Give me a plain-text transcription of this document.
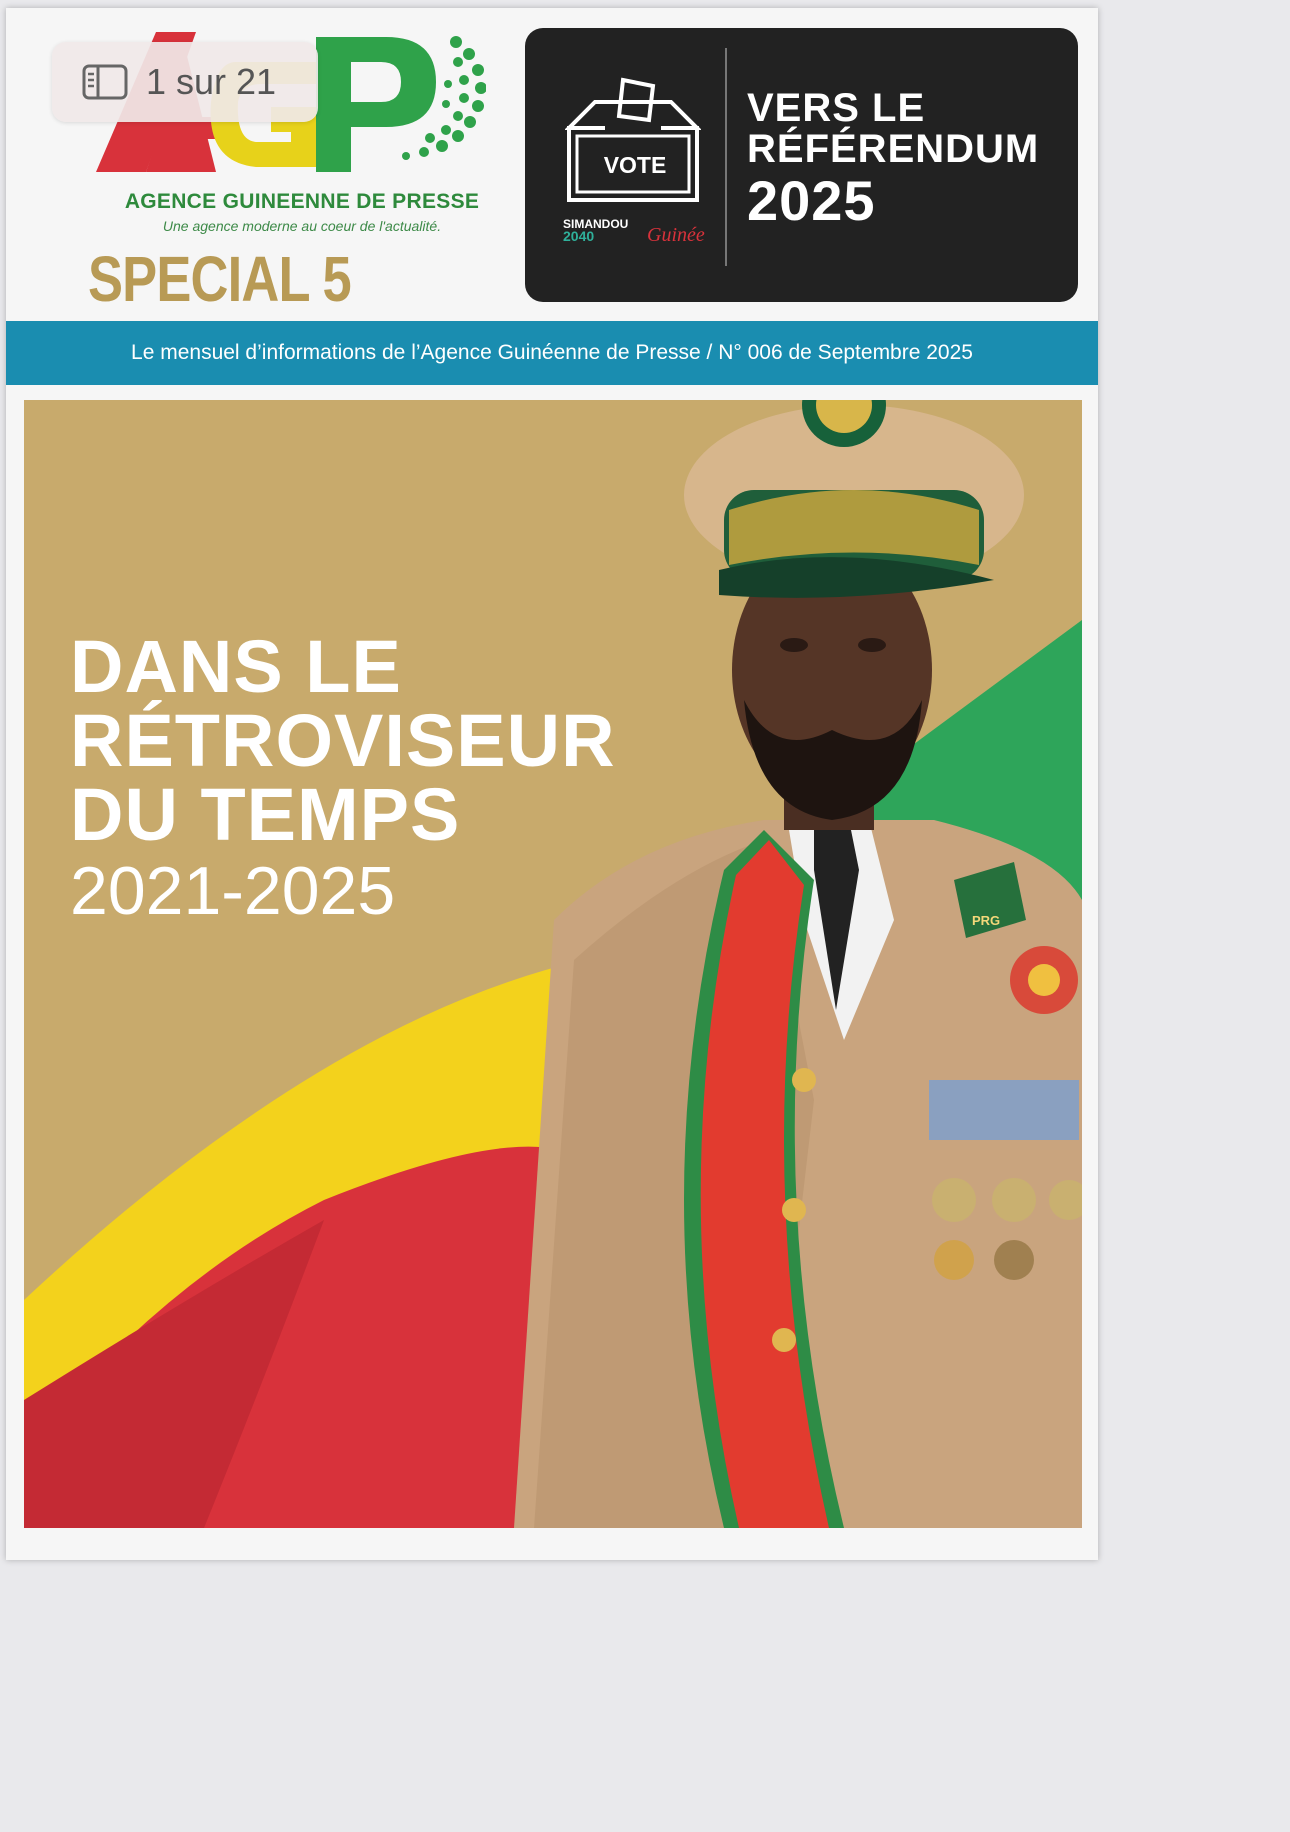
AGENCE GUINEENNE DE PRESSE
Une agence moderne au coeur de l'actualité.
SPECIAL 5
1 sur 21
VOTE
SIMANDOU
2040	Guinée
VERS LE
RÉFÉRENDUM
2025
Le mensuel d’informations de l’Agence Guinéenne de Presse / N° 006 de Septembre 2025
DANS LE
RÉTROVISEUR
DU TEMPS
2021-2025	PRG
